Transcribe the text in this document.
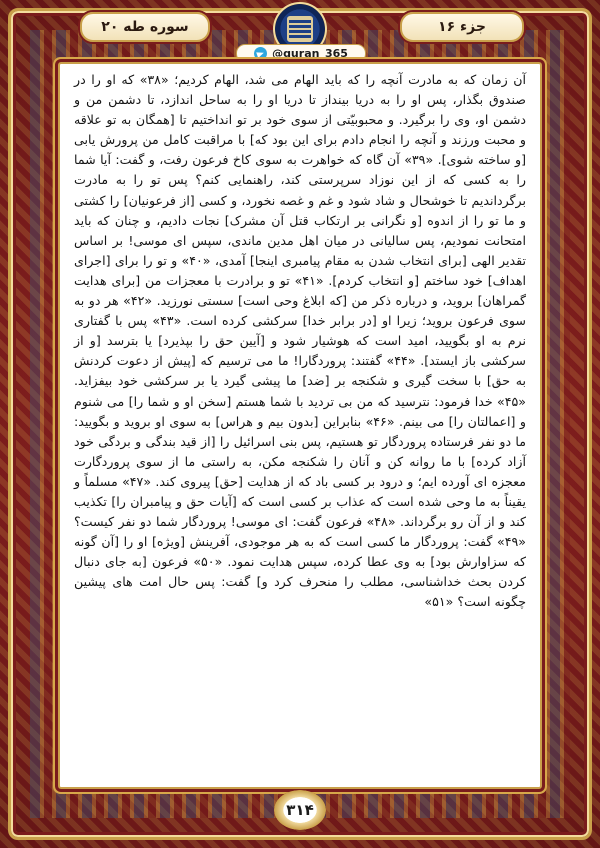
جزء ۱۶
سوره طه ۲۰
@quran_365

آن زمان که به مادرت آنچه را که باید الهام می شد، الهام کردیم؛ «۳۸» که او را در صندوق بگذار، پس او را به دریا بینداز تا دریا او را به ساحل اندازد، تا دشمن من و دشمن او، وی را برگیرد. و محبوبیّتی از سوی خود بر تو انداختیم تا [همگان به تو علاقه و محبت ورزند و آنچه را انجام دادم برای این بود که] با مراقبت کامل من پرورش یابی [و ساخته شوی]. «۳۹» آن گاه که خواهرت به سوی کاخ فرعون رفت، و گفت: آیا شما را به کسی که از این نوزاد سرپرستی کند، راهنمایی کنم؟ پس تو را به مادرت برگرداندیم تا خوشحال و شاد شود و غم و غصه نخورد، و کسی [از فرعونیان] را کشتی و ما تو را از اندوه [و نگرانی بر ارتکاب قتل آن مشرک] نجات دادیم، و چنان که باید امتحانت نمودیم، پس سالیانی در میان اهل مدین ماندی، سپس ای موسی! بر اساس تقدیر الهی [برای انتخاب شدن به مقام پیامبری اینجا] آمدی، «۴۰» و تو را برای [اجرای اهداف] خود ساختم [و انتخاب کردم]. «۴۱» تو و برادرت با معجزات من [برای هدایت گمراهان] بروید، و درباره ذکر من [که ابلاغ وحی است] سستی نورزید. «۴۲» هر دو به سوی فرعون بروید؛ زیرا او [در برابر خدا] سرکشی کرده است. «۴۳» پس با گفتاری نرم به او بگویید، امید است که هوشیار شود و [آیین حق را بپذیرد] یا بترسد [و از سرکشی باز ایستد]. «۴۴» گفتند: پروردگارا! ما می ترسیم که [پیش از دعوت کردنش به حق] با سخت گیری و شکنجه بر [ضد] ما پیشی گیرد یا بر سرکشی خود بیفزاید. «۴۵» خدا فرمود: نترسید که من بی تردید با شما هستم [سخن او و شما را] می شنوم و [اعمالتان را] می بینم. «۴۶» بنابراین [بدون بیم و هراس] به سوی او بروید و بگویید: ما دو نفر فرستاده پروردگار تو هستیم، پس بنی اسرائیل را [از قید بندگی و بردگی خود آزاد کرده] با ما روانه کن و آنان را شکنجه مکن، به راستی ما از سوی پروردگارت معجزه ای آورده ایم؛ و درود بر کسی باد که از هدایت [حق] پیروی کند. «۴۷» مسلماً و یقیناً به ما وحی شده است که عذاب بر کسی است که [آیات حق و پیامبران را] تکذیب کند و از آن رو برگرداند. «۴۸» فرعون گفت: ای موسی! پروردگار شما دو نفر کیست؟ «۴۹» گفت: پروردگار ما کسی است که به هر موجودی، آفرینش [ویژه] او را [آن گونه که سزاوارش بود] به وی عطا کرده، سپس هدایت نمود. «۵۰» فرعون [به جای دنبال کردن بحث خداشناسی، مطلب را منحرف کرد و] گفت: پس حال امت های پیشین چگونه است؟ «۵۱»

۳۱۴
